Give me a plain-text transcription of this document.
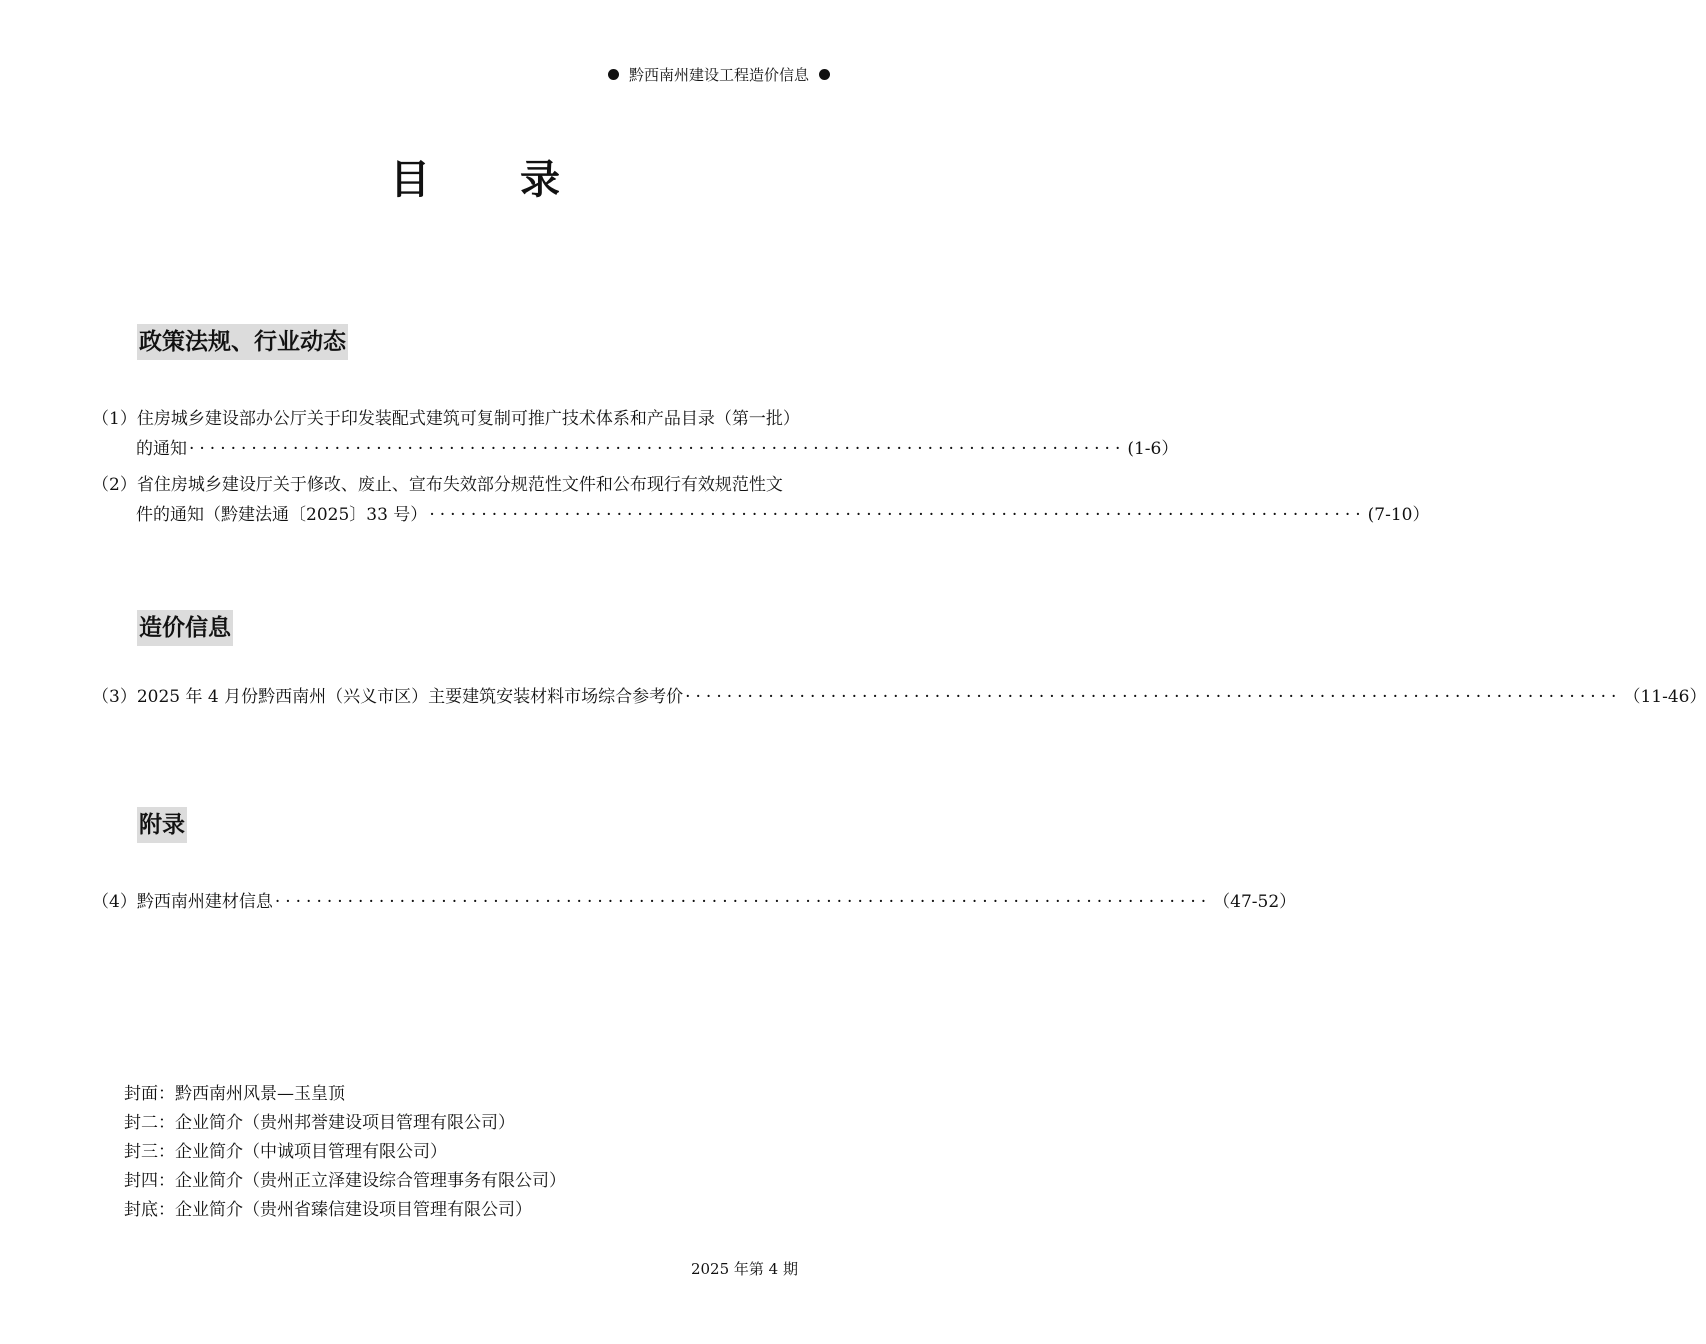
黔西南州建设工程造价信息
目 录
政策法规、行业动态
（1）住房城乡建设部办公厅关于印发装配式建筑可复制可推广技术体系和产品目录（第一批）
的通知 ·························································································· (1-6）
（2）省住房城乡建设厅关于修改、废止、宣布失效部分规范性文件和公布现行有效规范性文
件的通知（黔建法通〔2025〕33 号） ·························································································· (7-10）
造价信息
（3）2025 年 4 月份黔西南州（兴义市区）主要建筑安装材料市场综合参考价 ·························································································· （11-46）
附录
（4）黔西南州建材信息 ·························································································· （47-52）
封面： 黔西南州风景—玉皇顶
封二： 企业简介（贵州邦誉建设项目管理有限公司）
封三： 企业简介（中诚项目管理有限公司）
封四： 企业简介（贵州正立泽建设综合管理事务有限公司）
封底： 企业简介（贵州省臻信建设项目管理有限公司）
2025 年第 4 期
